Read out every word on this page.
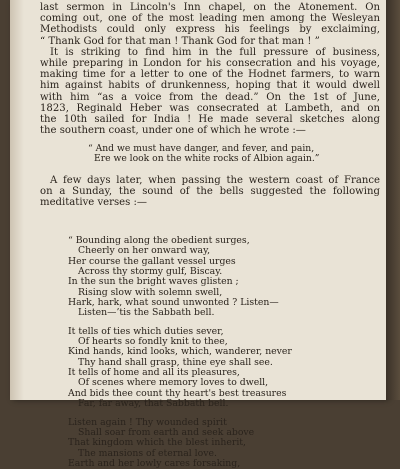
last sermon in Lincoln's Inn chapel, on the Atonement. On
coming out, one of the most leading men among the Wesleyan
Methodists could only express his feelings by exclaiming,
“ Thank God for that man ! Thank God for that man ! ”
It is striking to find him in the full pressure of business,
while preparing in London for his consecration and his voyage,
making time for a letter to one of the Hodnet farmers, to warn
him against habits of drunkenness, hoping that it would dwell
with him “as a voice from the dead.” On the 1st of June,
1823, Reginald Heber was consecrated at Lambeth, and on
the 10th sailed for India ! He made several sketches along
the southern coast, under one of which he wrote :—
“ And we must have danger, and fever, and pain,
Ere we look on the white rocks of Albion again.”
A few days later, when passing the western coast of France
on a Sunday, the sound of the bells suggested the following
meditative verses :—
“ Bounding along the obedient surges,
Cheerly on her onward way,
Her course the gallant vessel urges
Across thy stormy gulf, Biscay.
In the sun the bright waves glisten ;
Rising slow with solemn swell,
Hark, hark, what sound unwonted ? Listen—
Listen—’tis the Sabbath bell.
It tells of ties which duties sever,
Of hearts so fondly knit to thee,
Kind hands, kind looks, which, wanderer, never
Thy hand shall grasp, thine eye shall see.
It tells of home and all its pleasures,
Of scenes where memory loves to dwell,
And bids thee count thy heart's best treasures
Far, far away, that Sabbath bell.
Listen again ! Thy wounded spirit
Shall soar from earth and seek above
That kingdom which the blest inherit,
The mansions of eternal love.
Earth and her lowly cares forsaking,
